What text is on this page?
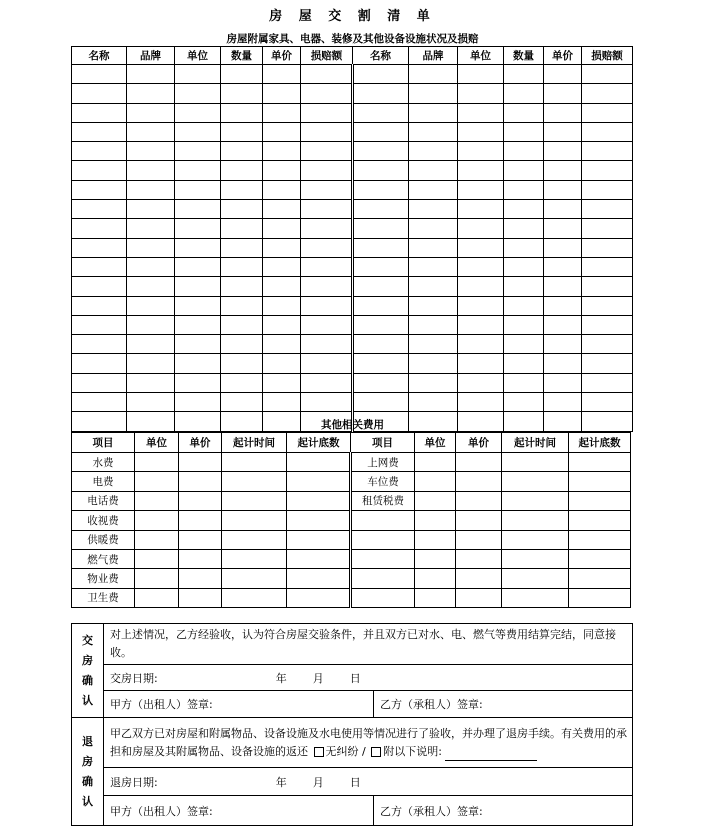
房 屋 交 割 清 单
房屋附属家具、电器、装修及其他设备设施状况及损赔
名称	品牌	单位	数量	单价	损赔额	名称	品牌	单位	数量	单价	损赔额

其他相关费用
项目	单位	单价	起计时间	起计底数	项目	单位	单价	起计时间	起计底数
水费					上网费				
电费					车位费				
电话费					租赁税费				
收视费									
供暖费									
燃气费									
物业费									
卫生费									
交
房
确
认	对上述情况，乙方经验收，认为符合房屋交验条件，并且双方已对水、电、燃气等费用结算完结，同意接收。	
	交房日期: 年 月 日	
	甲方（出租人）签章:	乙方（承租人）签章:
退
房
确
认	甲乙双方已对房屋和附属物品、设备设施及水电使用等情况进行了验收，并办理了退房手续。有关费用的承担和房屋及其附属物品、设备设施的返还 无纠纷 / 附以下说明:	
	退房日期: 年 月 日	
	甲方（出租人）签章:	乙方（承租人）签章:
